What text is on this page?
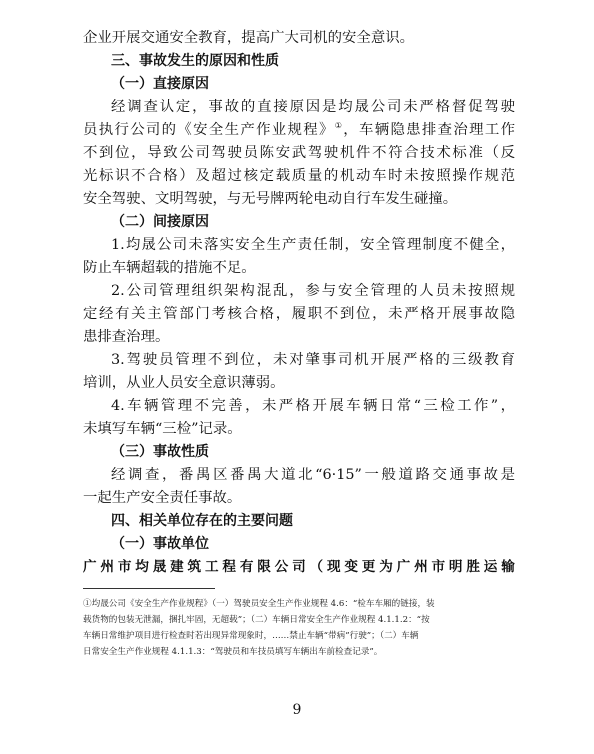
企业开展交通安全教育，提高广大司机的安全意识。
三、事故发生的原因和性质
（一）直接原因
经调查认定，事故的直接原因是均晟公司未严格督促驾驶
员执行公司的《安全生产作业规程》①，车辆隐患排查治理工作
不到位，导致公司驾驶员陈安武驾驶机件不符合技术标准（反
光标识不合格）及超过核定载质量的机动车时未按照操作规范
安全驾驶、文明驾驶，与无号牌两轮电动自行车发生碰撞。
（二）间接原因
1.均晟公司未落实安全生产责任制，安全管理制度不健全，
防止车辆超载的措施不足。
2.公司管理组织架构混乱，参与安全管理的人员未按照规
定经有关主管部门考核合格，履职不到位，未严格开展事故隐
患排查治理。
3.驾驶员管理不到位，未对肇事司机开展严格的三级教育
培训，从业人员安全意识薄弱。
4.车辆管理不完善，未严格开展车辆日常“三检工作”，
未填写车辆“三检”记录。
（三）事故性质
经调查，番禺区番禺大道北“6·15”一般道路交通事故是
一起生产安全责任事故。
四、相关单位存在的主要问题
（一）事故单位
广州市均晟建筑工程有限公司（现变更为广州市明胜运输
①均晟公司《安全生产作业规程》（一）驾驶员安全生产作业规程 4.6：“检车车厢的链接，装
载货物的包装无泄漏，捆扎牢固，无超载”；（二）车辆日常安全生产作业规程 4.1.1.2：“按
车辆日常维护项目进行检查时若出现异常现象时，……禁止车辆“带病”行驶”；（二）车辆
日常安全生产作业规程 4.1.1.3：“驾驶员和车技员填写车辆出车前检查记录”。
9
